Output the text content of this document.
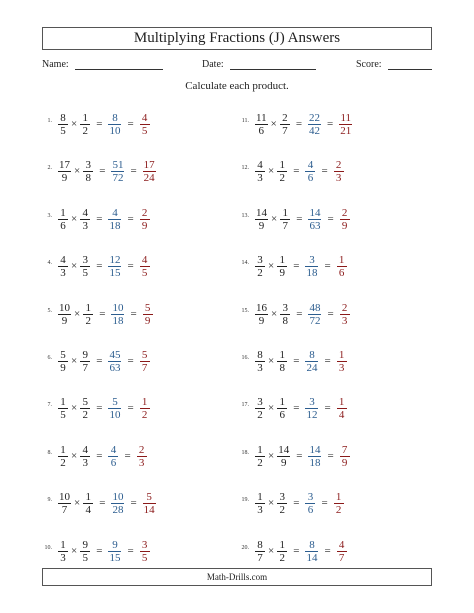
Multiplying Fractions (J) Answers
Name:	Date:	Score:
Calculate each product.
1. $\frac{8}{5} \times \frac{1}{2} = \frac{8}{10} = \frac{4}{5}$
2. $\frac{17}{9} \times \frac{3}{8} = \frac{51}{72} = \frac{17}{24}$
3. $\frac{1}{6} \times \frac{4}{3} = \frac{4}{18} = \frac{2}{9}$
4. $\frac{4}{3} \times \frac{3}{5} = \frac{12}{15} = \frac{4}{5}$
5. $\frac{10}{9} \times \frac{1}{2} = \frac{10}{18} = \frac{5}{9}$
6. $\frac{5}{9} \times \frac{9}{7} = \frac{45}{63} = \frac{5}{7}$
7. $\frac{1}{5} \times \frac{5}{2} = \frac{5}{10} = \frac{1}{2}$
8. $\frac{1}{2} \times \frac{4}{3} = \frac{4}{6} = \frac{2}{3}$
9. $\frac{10}{7} \times \frac{1}{4} = \frac{10}{28} = \frac{5}{14}$
10. $\frac{1}{3} \times \frac{9}{5} = \frac{9}{15} = \frac{3}{5}$
11. $\frac{11}{6} \times \frac{2}{7} = \frac{22}{42} = \frac{11}{21}$
12. $\frac{4}{3} \times \frac{1}{2} = \frac{4}{6} = \frac{2}{3}$
13. $\frac{14}{9} \times \frac{1}{7} = \frac{14}{63} = \frac{2}{9}$
14. $\frac{3}{2} \times \frac{1}{9} = \frac{3}{18} = \frac{1}{6}$
15. $\frac{16}{9} \times \frac{3}{8} = \frac{48}{72} = \frac{2}{3}$
16. $\frac{8}{3} \times \frac{1}{8} = \frac{8}{24} = \frac{1}{3}$
17. $\frac{3}{2} \times \frac{1}{6} = \frac{3}{12} = \frac{1}{4}$
18. $\frac{1}{2} \times \frac{14}{9} = \frac{14}{18} = \frac{7}{9}$
19. $\frac{1}{3} \times \frac{3}{2} = \frac{3}{6} = \frac{1}{2}$
20. $\frac{8}{7} \times \frac{1}{2} = \frac{8}{14} = \frac{4}{7}$
Math-Drills.com
